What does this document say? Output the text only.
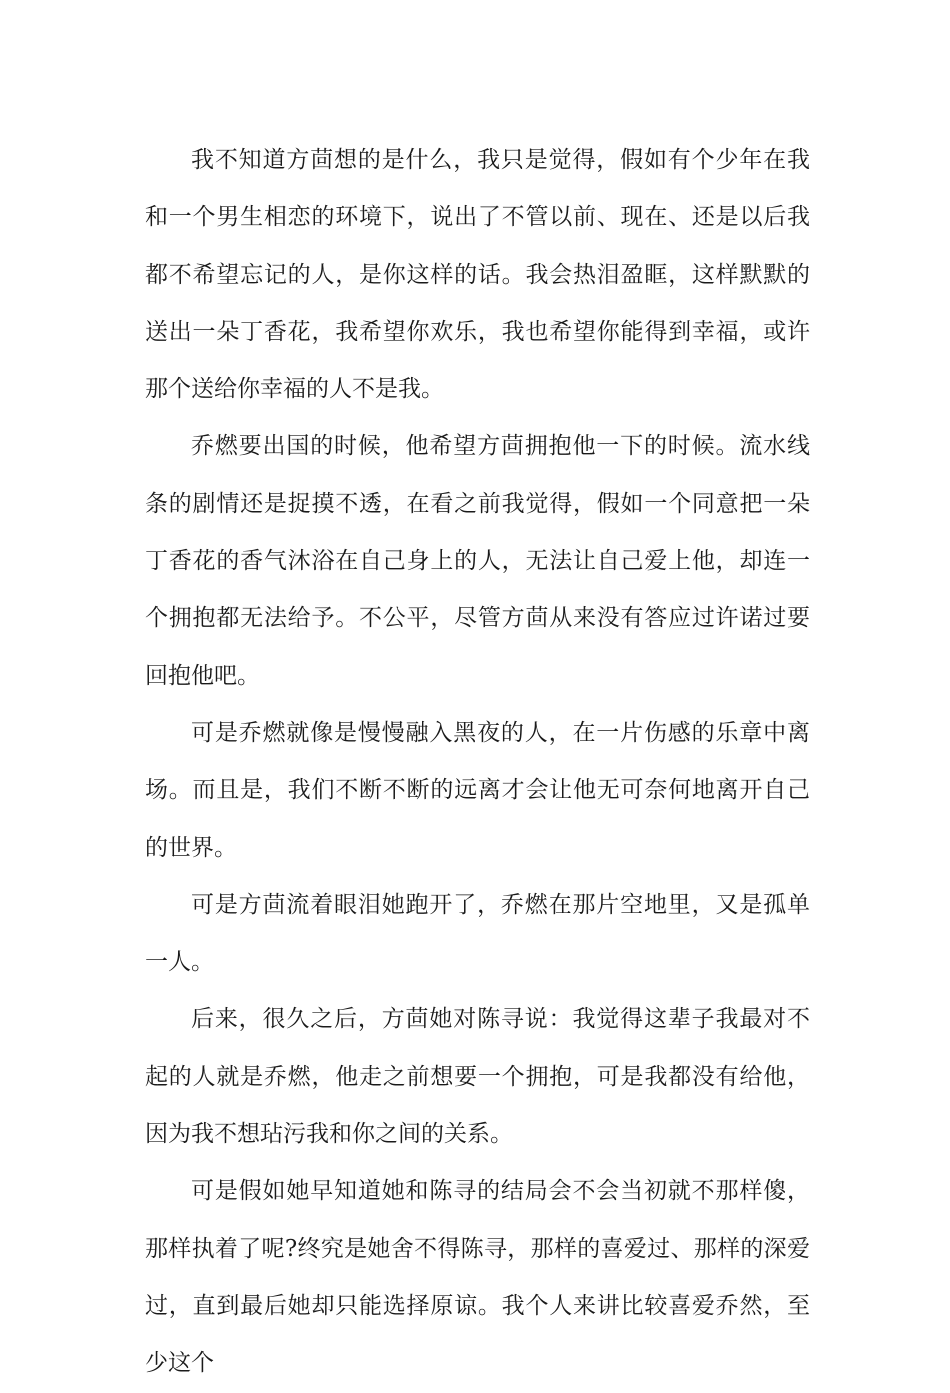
我不知道方茴想的是什么，我只是觉得，假如有个少年在我和一个男生相恋的环境下，说出了不管以前、现在、还是以后我都不希望忘记的人，是你这样的话。我会热泪盈眶，这样默默的送出一朵丁香花，我希望你欢乐，我也希望你能得到幸福，或许那个送给你幸福的人不是我。

乔燃要出国的时候，他希望方茴拥抱他一下的时候。流水线条的剧情还是捉摸不透，在看之前我觉得，假如一个同意把一朵丁香花的香气沐浴在自己身上的人，无法让自己爱上他，却连一个拥抱都无法给予。不公平，尽管方茴从来没有答应过许诺过要回抱他吧。

可是乔燃就像是慢慢融入黑夜的人，在一片伤感的乐章中离场。而且是，我们不断不断的远离才会让他无可奈何地离开自己的世界。

可是方茴流着眼泪她跑开了，乔燃在那片空地里，又是孤单一人。

后来，很久之后，方茴她对陈寻说：我觉得这辈子我最对不起的人就是乔燃，他走之前想要一个拥抱，可是我都没有给他，因为我不想玷污我和你之间的关系。

可是假如她早知道她和陈寻的结局会不会当初就不那样傻，那样执着了呢?终究是她舍不得陈寻，那样的喜爱过、那样的深爱过，直到最后她却只能选择原谅。我个人来讲比较喜爱乔然，至少这个
